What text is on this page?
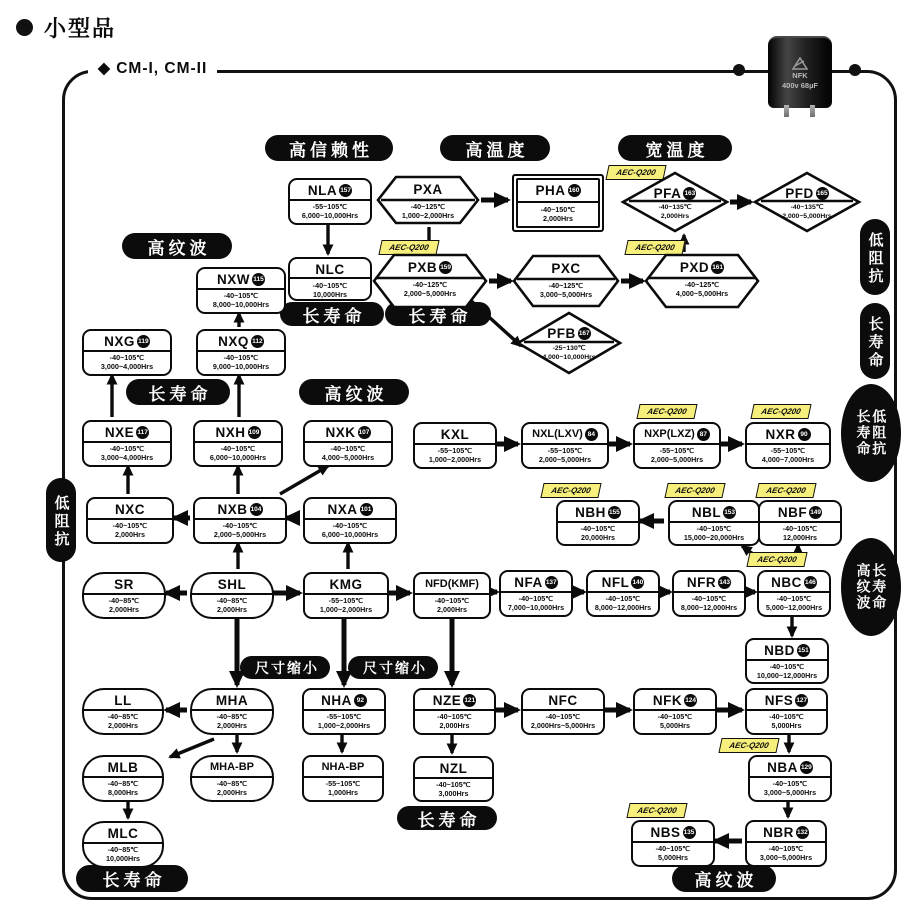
小型品
◆ CM-I, CM-II	NFK
400v 68µF
高信赖性	高温度	宽温度
高纹波
长寿命	长寿命
长寿命	高纹波
尺寸缩小	尺寸缩小
长寿命
长寿命	高纹波
低阻抗
低阻抗
长寿命
低阻抗
长寿命
长寿命
高纹波
AEC-Q200
AEC-Q200	AEC-Q200
AEC-Q200	AEC-Q200
AEC-Q200	AEC-Q200	AEC-Q200
AEC-Q200
AEC-Q200
AEC-Q200
NLA 157
-55~105℃
6,000~10,000Hrs
PXA
-40~125℃
1,000~2,000Hrs
PHA 160
-40~150℃
2,000Hrs
PFA 163
-40~135℃
2,000Hrs
PFD 165
-40~135℃
2,000~5,000Hrs
NLC
-40~105℃
10,000Hrs
PXB 159
-40~125℃
2,000~5,000Hrs
PXC
-40~125℃
3,000~5,000Hrs
PXD 161
-40~125℃
4,000~5,000Hrs
PFB 167
-25~130℃
4,000~10,000Hrs
NXW 115
-40~105℃
8,000~10,000Hrs
NXG 119
-40~105℃
3,000~4,000Hrs
NXQ 112
-40~105℃
9,000~10,000Hrs
NXE 117
-40~105℃
3,000~4,000Hrs
NXH 109
-40~105℃
6,000~10,000Hrs
NXK 107
-40~105℃
4,000~5,000Hrs
KXL
-55~105℃
1,000~2,000Hrs
NXL(LXV) 84
-55~105℃
2,000~5,000Hrs
NXP(LXZ) 87
-55~105℃
2,000~5,000Hrs
NXR 90
-55~105℃
4,000~7,000Hrs
NXC
-40~105℃
2,000Hrs
NXB 104
-40~105℃
2,000~5,000Hrs
NXA 101
-40~105℃
6,000~10,000Hrs
NBH 155
-40~105℃
20,000Hrs
NBL 153
-40~105℃
15,000~20,000Hrs
NBF 149
-40~105℃
12,000Hrs
SR
-40~85℃
2,000Hrs
SHL
-40~85℃
2,000Hrs
KMG
-55~105℃
1,000~2,000Hrs
NFD(KMF)
-40~105℃
2,000Hrs
NFA 137
-40~105℃
7,000~10,000Hrs
NFL 140
-40~105℃
8,000~12,000Hrs
NFR 143
-40~105℃
8,000~12,000Hrs
NBC 146
-40~105℃
5,000~12,000Hrs
NBD 151
-40~105℃
10,000~12,000Hrs
LL
-40~85℃
2,000Hrs
MHA
-40~85℃
2,000Hrs
NHA 92
-55~105℃
1,000~2,000Hrs
NZE 121
-40~105℃
2,000Hrs
NFC
-40~105℃
2,000Hrs~5,000Hrs
NFK 124
-40~105℃
5,000Hrs
NFS 127
-40~105℃
5,000Hrs
MLB
-40~85℃
8,000Hrs
MHA-BP
-40~85℃
2,000Hrs
NHA-BP
-55~105℃
1,000Hrs
NZL
-40~105℃
3,000Hrs
NBA 129
-40~105℃
3,000~5,000Hrs
MLC
-40~85℃
10,000Hrs
NBS 135
-40~105℃
5,000Hrs
NBR 132
-40~105℃
3,000~5,000Hrs
